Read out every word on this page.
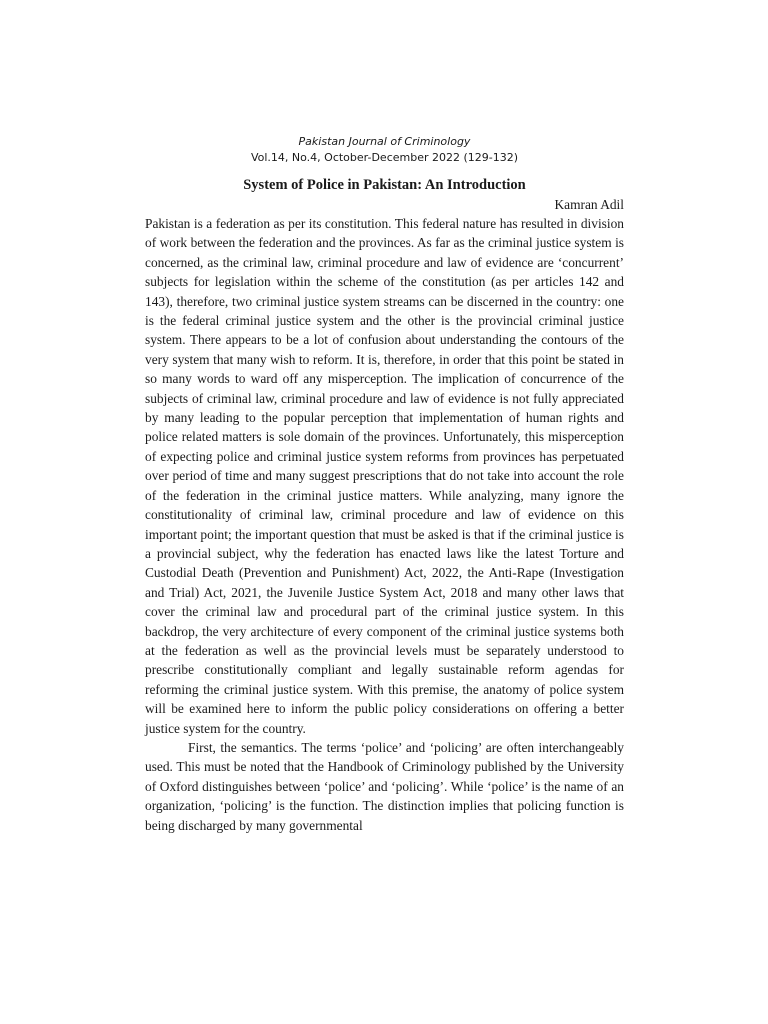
Pakistan Journal of Criminology

Vol.14, No.4, October-December 2022 (129-132)

System of Police in Pakistan: An Introduction

Kamran Adil

Pakistan is a federation as per its constitution. This federal nature has resulted in division of work between the federation and the provinces. As far as the criminal justice system is concerned, as the criminal law, criminal procedure and law of evidence are ‘concurrent’ subjects for legislation within the scheme of the constitution (as per articles 142 and 143), therefore, two criminal justice system streams can be discerned in the country: one is the federal criminal justice system and the other is the provincial criminal justice system. There appears to be a lot of confusion about understanding the contours of the very system that many wish to reform. It is, therefore, in order that this point be stated in so many words to ward off any misperception. The implication of concurrence of the subjects of criminal law, criminal procedure and law of evidence is not fully appreciated by many leading to the popular perception that implementation of human rights and police related matters is sole domain of the provinces. Unfortunately, this misperception of expecting police and criminal justice system reforms from provinces has perpetuated over period of time and many suggest prescriptions that do not take into account the role of the federation in the criminal justice matters. While analyzing, many ignore the constitutionality of criminal law, criminal procedure and law of evidence on this important point; the important question that must be asked is that if the criminal justice is a provincial subject, why the federation has enacted laws like the latest Torture and Custodial Death (Prevention and Punishment) Act, 2022, the Anti-Rape (Investigation and Trial) Act, 2021, the Juvenile Justice System Act, 2018 and many other laws that cover the criminal law and procedural part of the criminal justice system. In this backdrop, the very architecture of every component of the criminal justice systems both at the federation as well as the provincial levels must be separately understood to prescribe constitutionally compliant and legally sustainable reform agendas for reforming the criminal justice system. With this premise, the anatomy of police system will be examined here to inform the public policy considerations on offering a better justice system for the country.

First, the semantics. The terms ‘police’ and ‘policing’ are often interchangeably used. This must be noted that the Handbook of Criminology published by the University of Oxford distinguishes between ‘police’ and ‘policing’. While ‘police’ is the name of an organization, ‘policing’ is the function. The distinction implies that policing function is being discharged by many governmental
